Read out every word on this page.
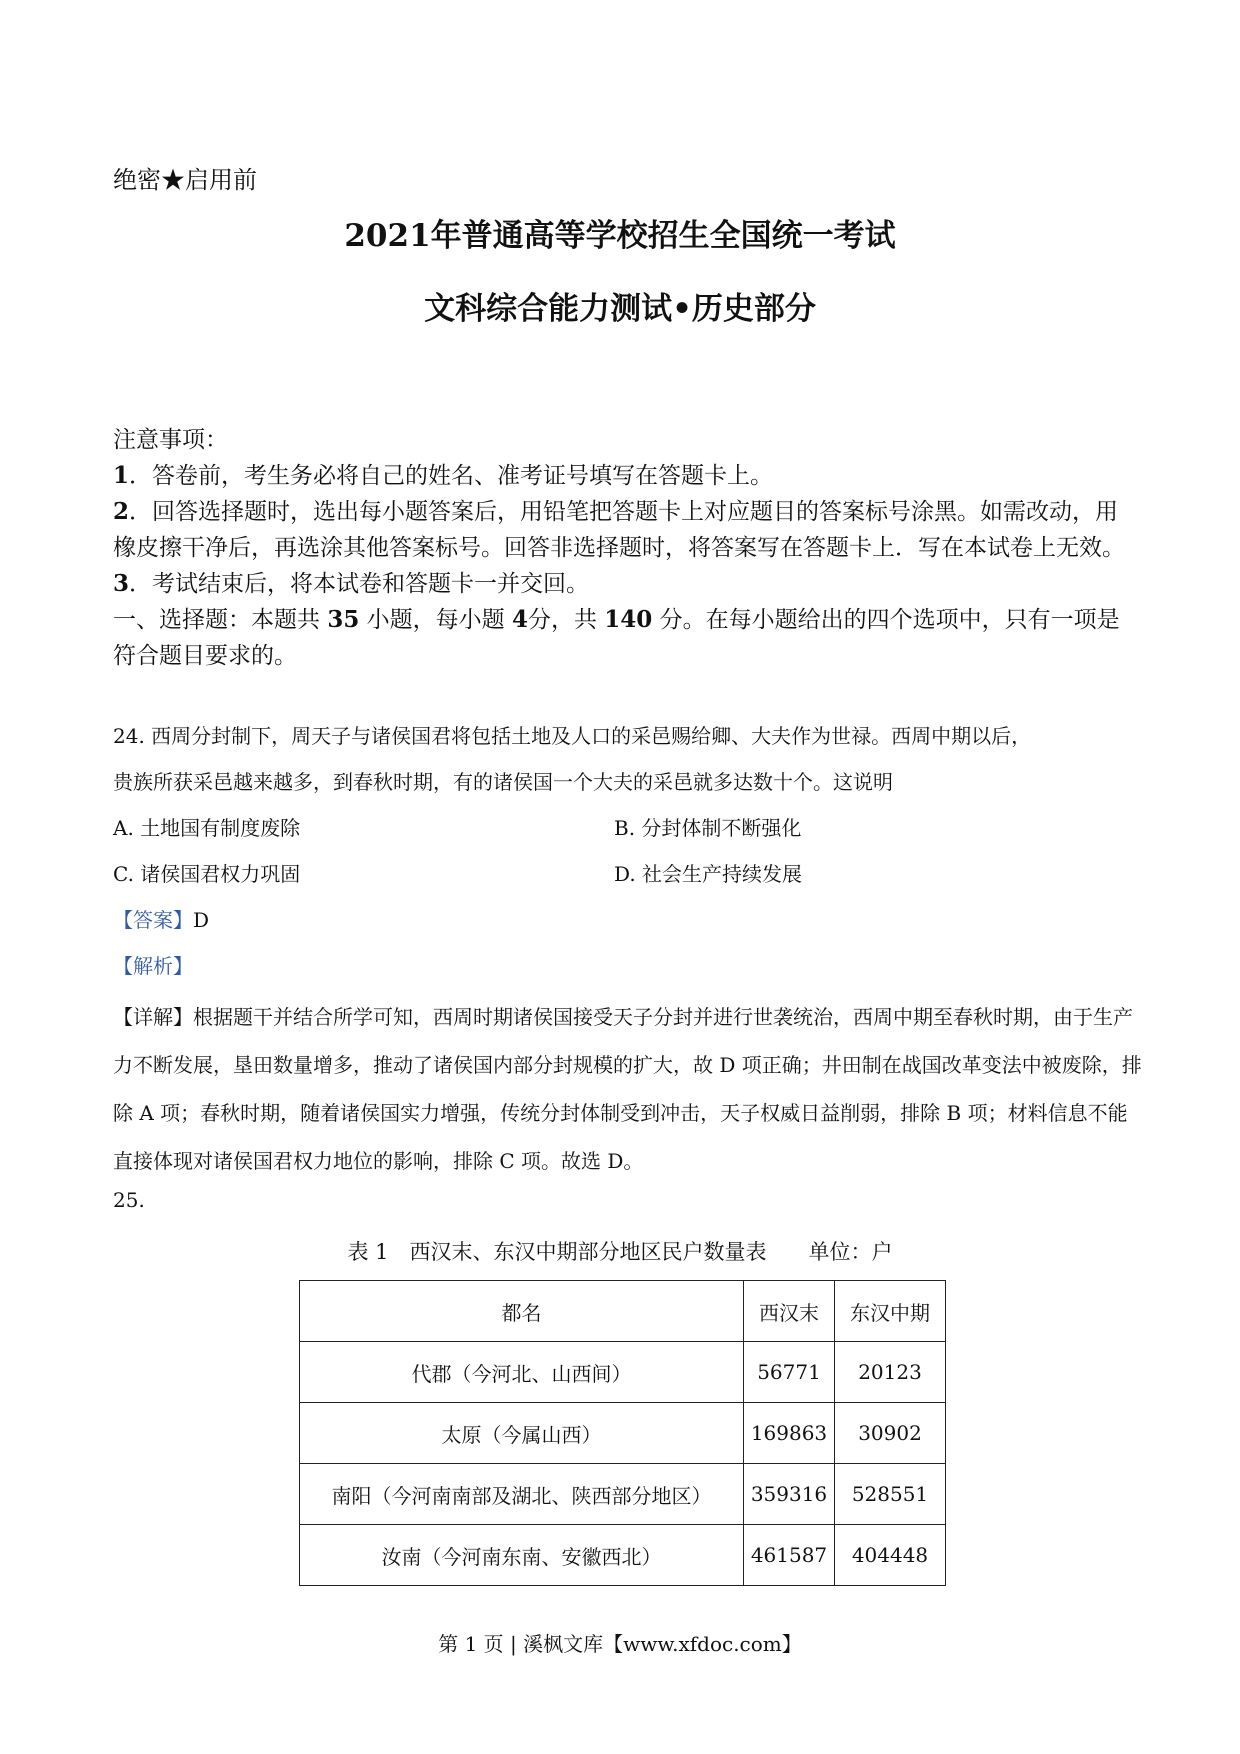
绝密★启用前
2021年普通高等学校招生全国统一考试
文科综合能力测试•历史部分

注意事项：

1．答卷前，考生务必将自己的姓名、准考证号填写在答题卡上。

2．回答选择题时，选出每小题答案后，用铅笔把答题卡上对应题目的答案标号涂黑。如需改动，用橡皮擦干净后，再选涂其他答案标号。回答非选择题时，将答案写在答题卡上．写在本试卷上无效。

3．考试结束后，将本试卷和答题卡一并交回。

一、选择题：本题共 35 小题，每小题 4分，共 140 分。在每小题给出的四个选项中，只有一项是符合题目要求的。

24. 西周分封制下，周天子与诸侯国君将包括土地及人口的采邑赐给卿、大夫作为世禄。西周中期以后，
贵族所获采邑越来越多，到春秋时期，有的诸侯国一个大夫的采邑就多达数十个。这说明
A. 土地国有制度废除	B. 分封体制不断强化
C. 诸侯国君权力巩固	D. 社会生产持续发展
【答案】D
【解析】
【详解】根据题干并结合所学可知，西周时期诸侯国接受天子分封并进行世袭统治，西周中期至春秋时期，由于生产力不断发展，垦田数量增多，推动了诸侯国内部分封规模的扩大，故 D 项正确；井田制在战国改革变法中被废除，排除 A 项；春秋时期，随着诸侯国实力增强，传统分封体制受到冲击，天子权威日益削弱，排除 B 项；材料信息不能直接体现对诸侯国君权力地位的影响，排除 C 项。故选 D。
25.
表 1　西汉末、东汉中期部分地区民户数量表　　单位：户
都名	西汉末	东汉中期
代郡（今河北、山西间）	56771	20123
太原（今属山西）	169863	30902
南阳（今河南南部及湖北、陕西部分地区）	359316	528551
汝南（今河南东南、安徽西北）	461587	404448
第 1 页 | 溪枫文库【www.xfdoc.com】
